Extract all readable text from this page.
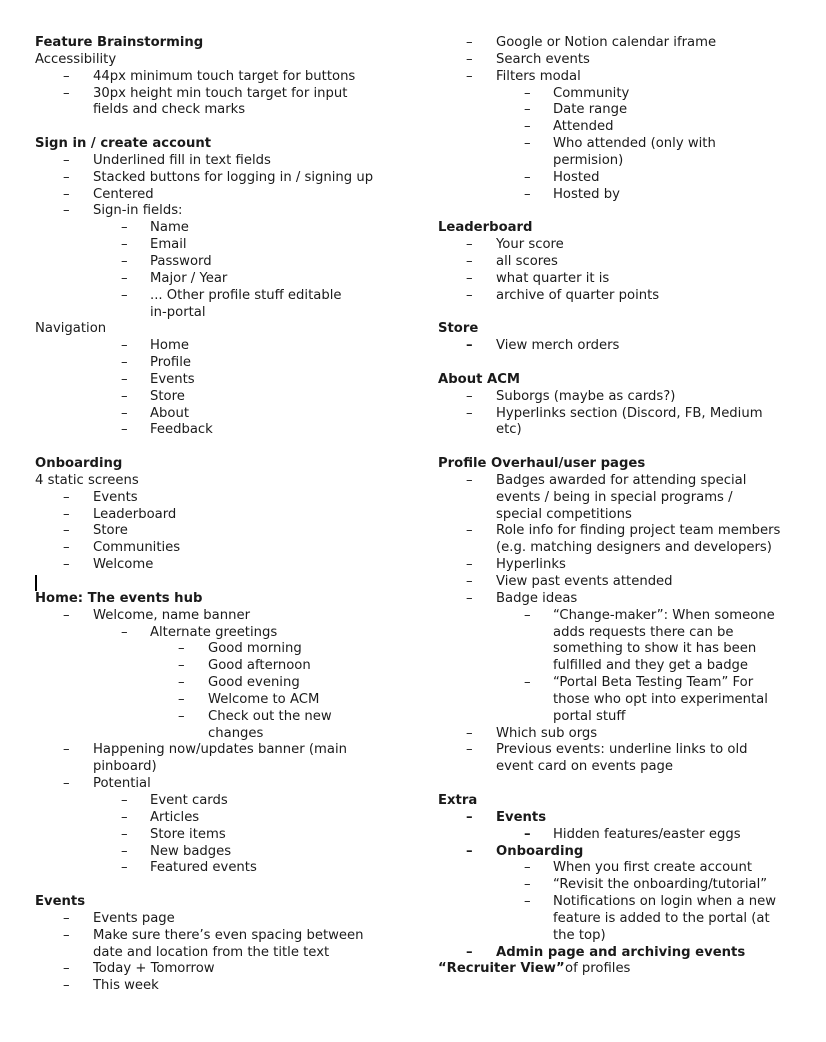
Feature Brainstorming
Accessibility
– 44px minimum touch target for buttons
– 30px height min touch target for input
fields and check marks
Sign in / create account
– Underlined fill in text fields
– Stacked buttons for logging in / signing up
– Centered
– Sign-in fields:
– Name
– Email
– Password
– Major / Year
– ... Other profile stuff editable
in-portal
Navigation
– Home
– Profile
– Events
– Store
– About
– Feedback
Onboarding
4 static screens
– Events
– Leaderboard
– Store
– Communities
– Welcome
Home: The events hub
– Welcome, name banner
– Alternate greetings
– Good morning
– Good afternoon
– Good evening
– Welcome to ACM
– Check out the new
changes
– Happening now/updates banner (main
pinboard)
– Potential
– Event cards
– Articles
– Store items
– New badges
– Featured events
Events
– Events page
– Make sure there’s even spacing between
date and location from the title text
– Today + Tomorrow
– This week
– Google or Notion calendar iframe
– Search events
– Filters modal
– Community
– Date range
– Attended
– Who attended (only with
permision)
– Hosted
– Hosted by
Leaderboard
– Your score
– all scores
– what quarter it is
– archive of quarter points
Store
– View merch orders
About ACM
– Suborgs (maybe as cards?)
– Hyperlinks section (Discord, FB, Medium
etc)
Profile Overhaul/user pages
– Badges awarded for attending special
events / being in special programs /
special competitions
– Role info for finding project team members
(e.g. matching designers and developers)
– Hyperlinks
– View past events attended
– Badge ideas
– “Change-maker”: When someone
adds requests there can be
something to show it has been
fulfilled and they get a badge
– “Portal Beta Testing Team” For
those who opt into experimental
portal stuff
– Which sub orgs
– Previous events: underline links to old
event card on events page
Extra
– Events
– Hidden features/easter eggs
– Onboarding
– When you first create account
– “Revisit the onboarding/tutorial”
– Notifications on login when a new
feature is added to the portal (at
the top)
– Admin page and archiving events
“Recruiter View” of profiles
